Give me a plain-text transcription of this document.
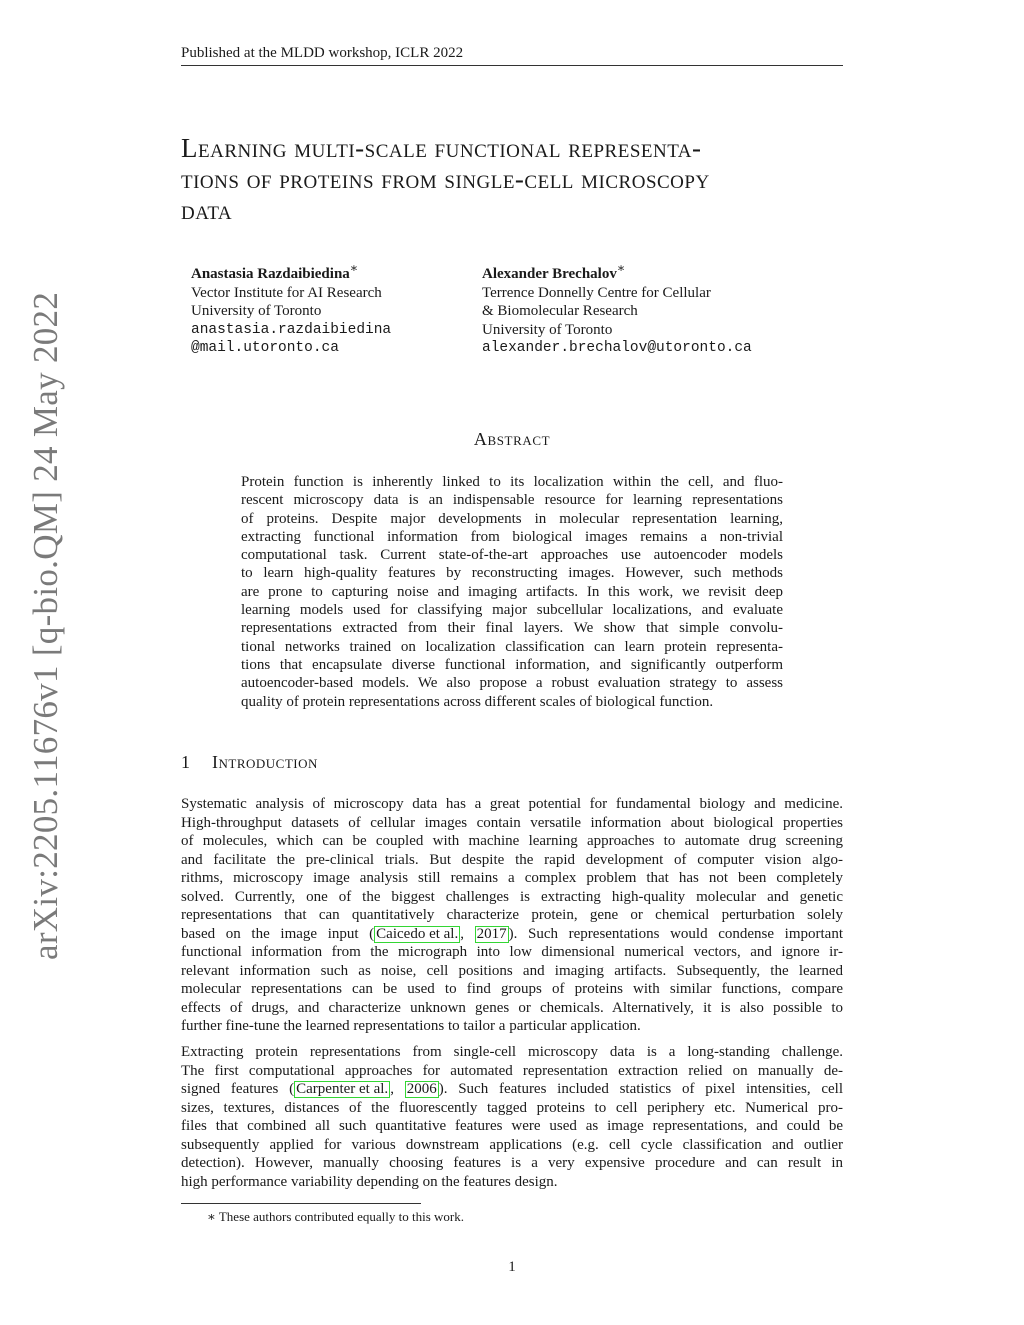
Published at the MLDD workshop, ICLR 2022
arXiv:2205.11676v1 [q-bio.QM] 24 May 2022
Learning multi-scale functional representa-
tions of proteins from single-cell microscopy
data
Anastasia Razdaibiedina∗
Vector Institute for AI Research
University of Toronto
anastasia.razdaibiedina
@mail.utoronto.ca
Alexander Brechalov∗
Terrence Donnelly Centre for Cellular
& Biomolecular Research
University of Toronto
alexander.brechalov@utoronto.ca
Abstract
Protein function is inherently linked to its localization within the cell, and fluo-
rescent microscopy data is an indispensable resource for learning representations
of proteins. Despite major developments in molecular representation learning,
extracting functional information from biological images remains a non-trivial
computational task. Current state-of-the-art approaches use autoencoder models
to learn high-quality features by reconstructing images. However, such methods
are prone to capturing noise and imaging artifacts. In this work, we revisit deep
learning models used for classifying major subcellular localizations, and evaluate
representations extracted from their final layers. We show that simple convolu-
tional networks trained on localization classification can learn protein representa-
tions that encapsulate diverse functional information, and significantly outperform
autoencoder-based models. We also propose a robust evaluation strategy to assess
quality of protein representations across different scales of biological function.
1 Introduction
Systematic analysis of microscopy data has a great potential for fundamental biology and medicine.
High-throughput datasets of cellular images contain versatile information about biological properties
of molecules, which can be coupled with machine learning approaches to automate drug screening
and facilitate the pre-clinical trials. But despite the rapid development of computer vision algo-
rithms, microscopy image analysis still remains a complex problem that has not been completely
solved. Currently, one of the biggest challenges is extracting high-quality molecular and genetic
representations that can quantitatively characterize protein, gene or chemical perturbation solely
based on the image input ( Caicedo et al. , 2017 ). Such representations would condense important
functional information from the micrograph into low dimensional numerical vectors, and ignore ir-
relevant information such as noise, cell positions and imaging artifacts. Subsequently, the learned
molecular representations can be used to find groups of proteins with similar functions, compare
effects of drugs, and characterize unknown genes or chemicals. Alternatively, it is also possible to
further fine-tune the learned representations to tailor a particular application.
Extracting protein representations from single-cell microscopy data is a long-standing challenge.
The first computational approaches for automated representation extraction relied on manually de-
signed features ( Carpenter et al. , 2006 ). Such features included statistics of pixel intensities, cell
sizes, textures, distances of the fluorescently tagged proteins to cell periphery etc. Numerical pro-
files that combined all such quantitative features were used as image representations, and could be
subsequently applied for various downstream applications (e.g. cell cycle classification and outlier
detection). However, manually choosing features is a very expensive procedure and can result in
high performance variability depending on the features design.
∗ These authors contributed equally to this work.
1
